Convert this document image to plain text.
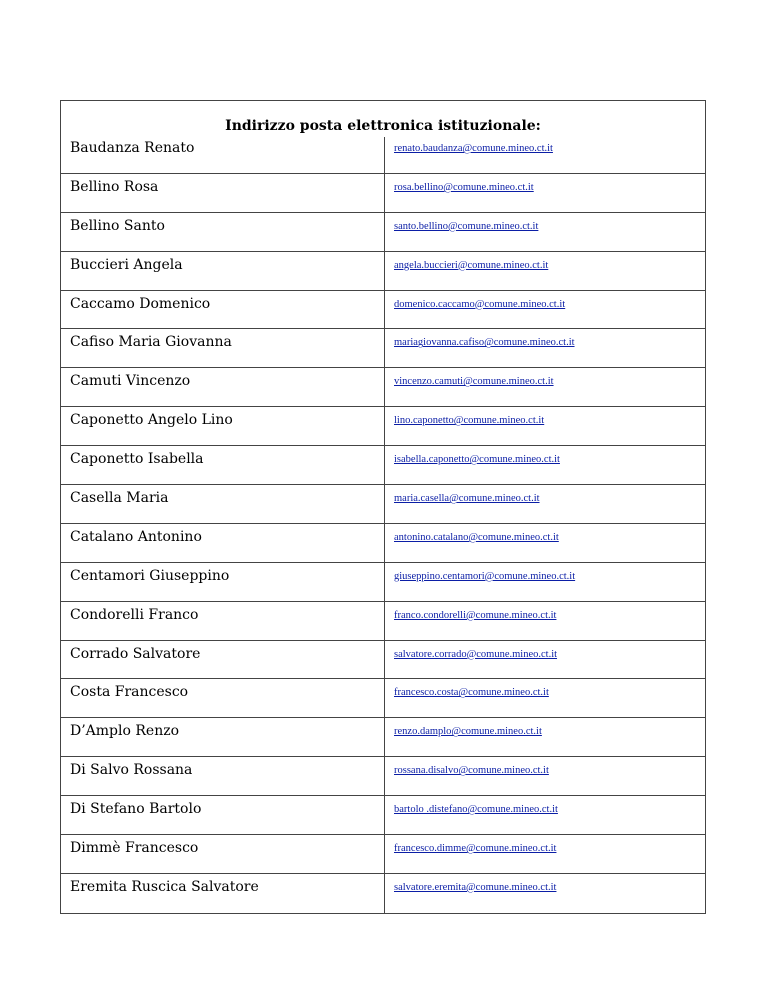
Indirizzo posta elettronica istituzionale:
Baudanza Renato	renato.baudanza@comune.mineo.ct.it
Bellino Rosa	rosa.bellino@comune.mineo.ct.it
Bellino Santo	santo.bellino@comune.mineo.ct.it
Buccieri Angela	angela.buccieri@comune.mineo.ct.it
Caccamo Domenico	domenico.caccamo@comune.mineo.ct.it
Cafiso Maria Giovanna	mariagiovanna.cafiso@comune.mineo.ct.it
Camuti Vincenzo	vincenzo.camuti@comune.mineo.ct.it
Caponetto Angelo Lino	lino.caponetto@comune.mineo.ct.it
Caponetto Isabella	isabella.caponetto@comune.mineo.ct.it
Casella Maria	maria.casella@comune.mineo.ct.it
Catalano Antonino	antonino.catalano@comune.mineo.ct.it
Centamori Giuseppino	giuseppino.centamori@comune.mineo.ct.it
Condorelli Franco	franco.condorelli@comune.mineo.ct.it
Corrado Salvatore	salvatore.corrado@comune.mineo.ct.it
Costa Francesco	francesco.costa@comune.mineo.ct.it
D’Amplo Renzo	renzo.damplo@comune.mineo.ct.it
Di Salvo Rossana	rossana.disalvo@comune.mineo.ct.it
Di Stefano Bartolo	bartolo .distefano@comune.mineo.ct.it
Dimmè Francesco	francesco.dimme@comune.mineo.ct.it
Eremita Ruscica Salvatore	salvatore.eremita@comune.mineo.ct.it
